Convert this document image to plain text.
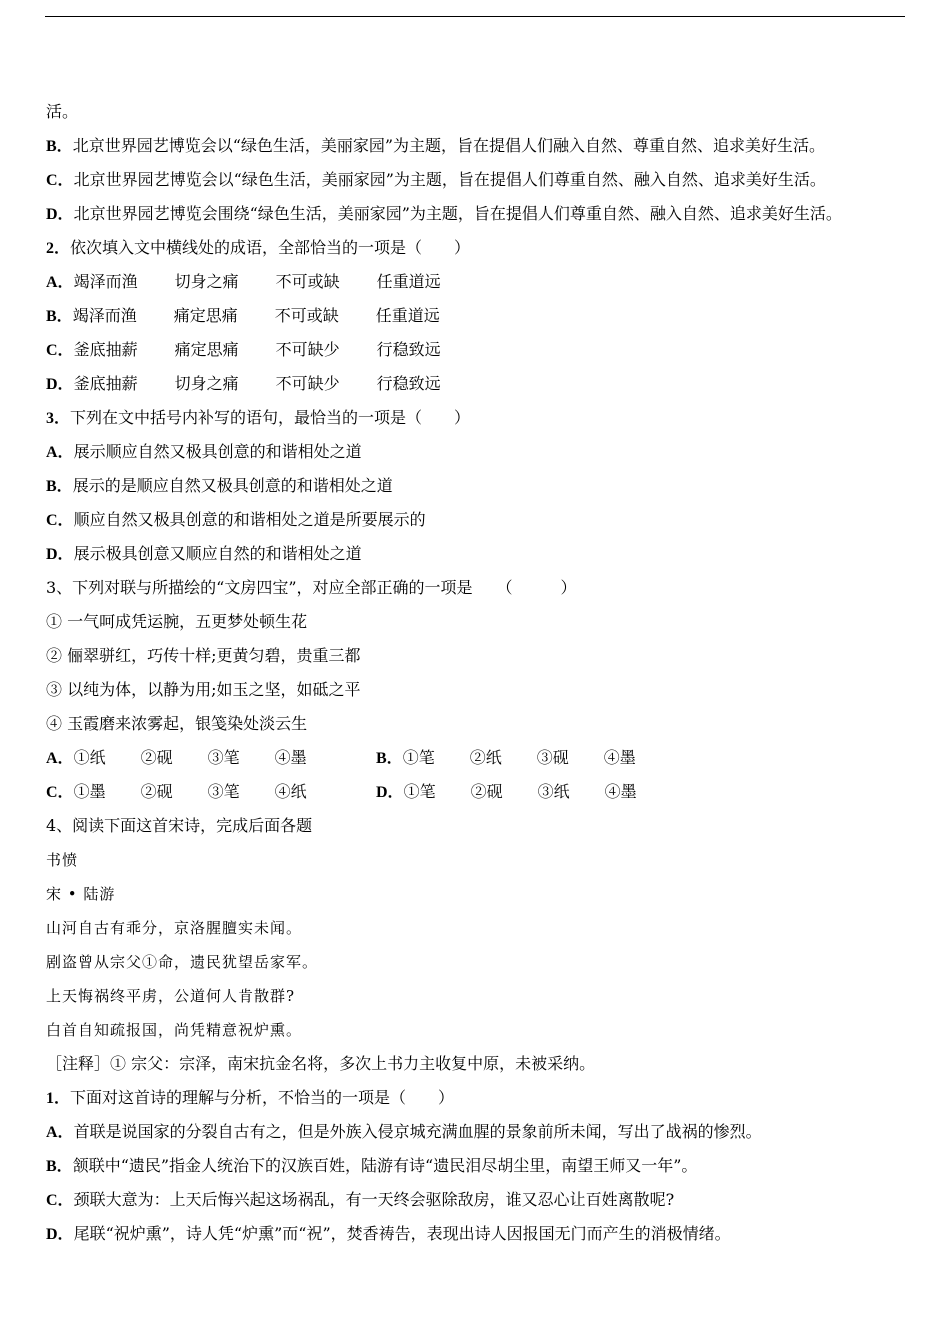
活。
B．北京世界园艺博览会以“绿色生活，美丽家园”为主题，旨在提倡人们融入自然、尊重自然、追求美好生活。
C．北京世界园艺博览会以“绿色生活，美丽家园”为主题，旨在提倡人们尊重自然、融入自然、追求美好生活。
D．北京世界园艺博览会围绕“绿色生活，美丽家园”为主题，旨在提倡人们尊重自然、融入自然、追求美好生活。
2．依次填入文中横线处的成语，全部恰当的一项是（　　）
A．竭泽而渔 切身之痛 不可或缺 任重道远
B．竭泽而渔 痛定思痛 不可或缺 任重道远
C．釜底抽薪 痛定思痛 不可缺少 行稳致远
D．釜底抽薪 切身之痛 不可缺少 行稳致远
3．下列在文中括号内补写的语句，最恰当的一项是（　　）
A．展示顺应自然又极具创意的和谐相处之道
B．展示的是顺应自然又极具创意的和谐相处之道
C．顺应自然又极具创意的和谐相处之道是所要展示的
D．展示极具创意又顺应自然的和谐相处之道
3、下列对联与所描绘的“文房四宝”，对应全部正确的一项是　　（　　　）
① 一气呵成凭运腕，五更梦处顿生花
② 俪翠骈红，巧传十样;更黄匀碧，贵重三都
③ 以纯为体，以静为用;如玉之坚，如砥之平
④ 玉霞磨来浓雾起，银笺染处淡云生
A．①纸 ②砚 ③笔 ④墨	B．①笔 ②纸 ③砚 ④墨
C．①墨 ②砚 ③笔 ④纸	D．①笔 ②砚 ③纸 ④墨
4、阅读下面这首宋诗，完成后面各题
书愤
宋 • 陆游
山河自古有乖分，京洛腥膻实未闻。
剧盗曾从宗父①命，遗民犹望岳家军。
上天悔祸终平虏，公道何人肯散群?
白首自知疏报国，尚凭精意祝炉熏。
［注释］① 宗父：宗泽，南宋抗金名将，多次上书力主收复中原，未被采纳。
1．下面对这首诗的理解与分析，不恰当的一项是（　　）
A．首联是说国家的分裂自古有之，但是外族入侵京城充满血腥的景象前所未闻，写出了战祸的惨烈。
B．颔联中“遗民”指金人统治下的汉族百姓，陆游有诗“遗民泪尽胡尘里，南望王师又一年”。
C．颈联大意为：上天后悔兴起这场祸乱，有一天终会驱除敌房，谁又忍心让百姓离散呢?
D．尾联“祝炉熏”，诗人凭“炉熏”而“祝”，焚香祷告，表现出诗人因报国无门而产生的消极情绪。
